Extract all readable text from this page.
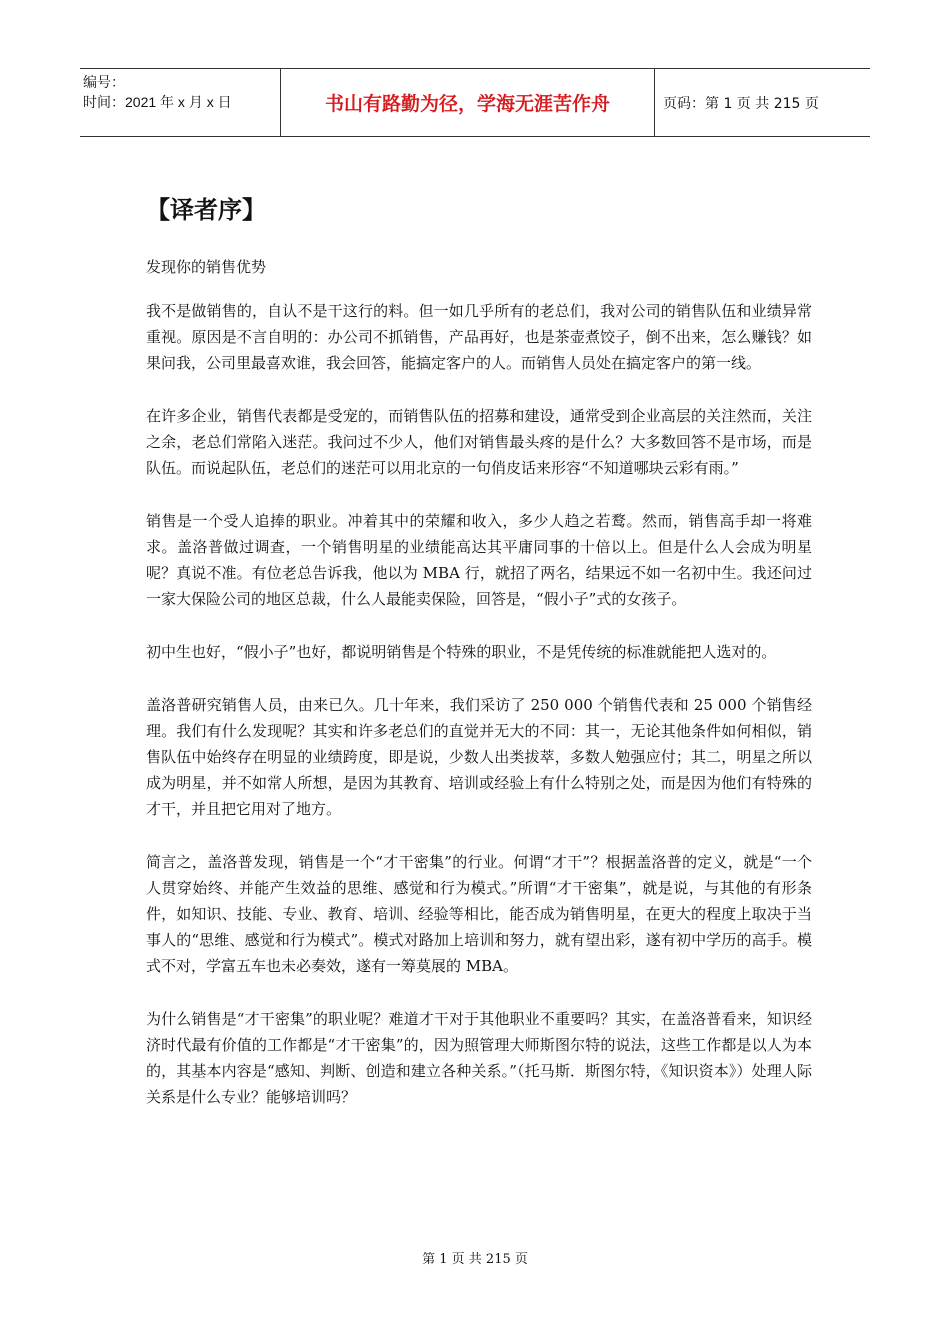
编号：
时间：2021 年 x 月 x 日	书山有路勤为径，学海无涯苦作舟	页码：第 1 页 共 215 页
【译者序】

发现你的销售优势

我不是做销售的，自认不是干这行的料。但一如几乎所有的老总们，我对公司的销售队伍和业绩异常重视。原因是不言自明的：办公司不抓销售，产品再好，也是茶壶煮饺子，倒不出来，怎么赚钱？如果问我，公司里最喜欢谁，我会回答，能搞定客户的人。而销售人员处在搞定客户的第一线。

在许多企业，销售代表都是受宠的，而销售队伍的招募和建设，通常受到企业高层的关注然而，关注之余，老总们常陷入迷茫。我问过不少人，他们对销售最头疼的是什么？大多数回答不是市场，而是队伍。而说起队伍，老总们的迷茫可以用北京的一句俏皮话来形容“不知道哪块云彩有雨。”

销售是一个受人追捧的职业。冲着其中的荣耀和收入，多少人趋之若鹜。然而，销售高手却一将难求。盖洛普做过调查，一个销售明星的业绩能高达其平庸同事的十倍以上。但是什么人会成为明星呢？真说不准。有位老总告诉我，他以为 MBA 行，就招了两名，结果远不如一名初中生。我还问过一家大保险公司的地区总裁，什么人最能卖保险，回答是，“假小子”式的女孩子。

初中生也好，“假小子”也好，都说明销售是个特殊的职业，不是凭传统的标准就能把人选对的。

盖洛普研究销售人员，由来已久。几十年来，我们采访了 250 000 个销售代表和 25 000 个销售经理。我们有什么发现呢？其实和许多老总们的直觉并无大的不同：其一，无论其他条件如何相似，销售队伍中始终存在明显的业绩跨度，即是说，少数人出类拔萃，多数人勉强应付；其二，明星之所以成为明星，并不如常人所想，是因为其教育、培训或经验上有什么特别之处，而是因为他们有特殊的才干，并且把它用对了地方。

简言之，盖洛普发现，销售是一个“才干密集”的行业。何谓“才干”？根据盖洛普的定义，就是“一个人贯穿始终、并能产生效益的思维、感觉和行为模式。”所谓“才干密集”，就是说，与其他的有形条件，如知识、技能、专业、教育、培训、经验等相比，能否成为销售明星，在更大的程度上取决于当事人的“思维、感觉和行为模式”。模式对路加上培训和努力，就有望出彩，遂有初中学历的高手。模式不对，学富五车也未必奏效，遂有一筹莫展的 MBA。

为什么销售是“才干密集”的职业呢？难道才干对于其他职业不重要吗？其实，在盖洛普看来，知识经济时代最有价值的工作都是“才干密集”的，因为照管理大师斯图尔特的说法，这些工作都是以人为本的，其基本内容是“感知、判断、创造和建立各种关系。”（托马斯．斯图尔特，《知识资本》）处理人际关系是什么专业？能够培训吗？

第 1 页 共 215 页
